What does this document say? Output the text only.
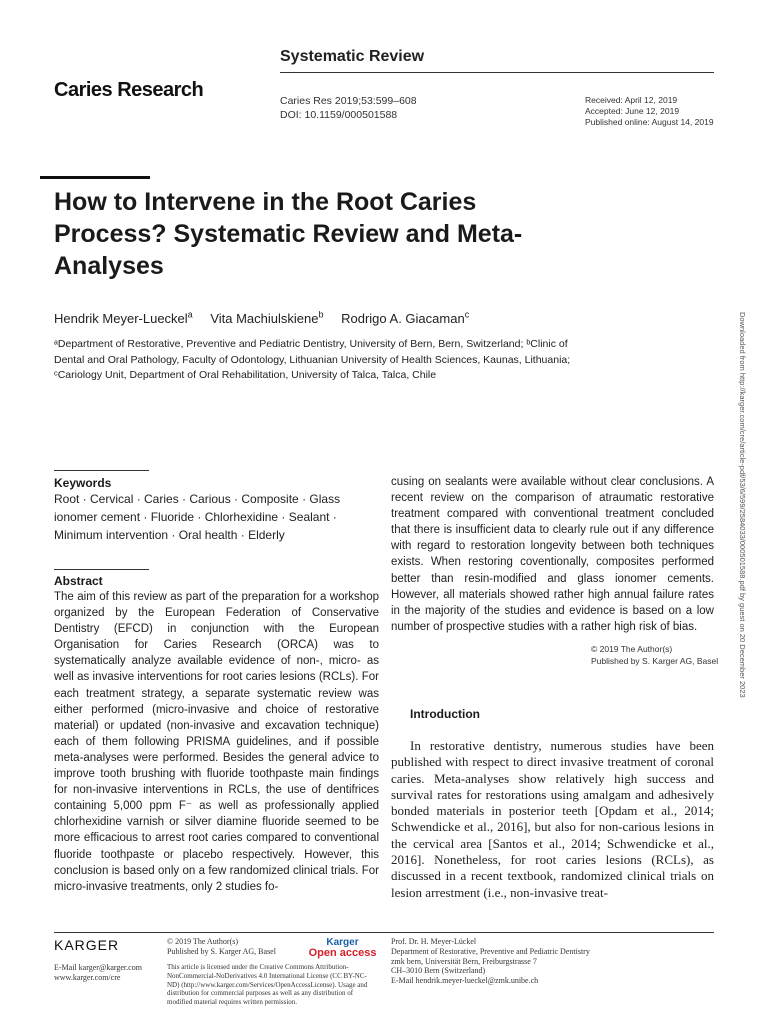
Systematic Review
Caries Research	Caries Res 2019;53:599–608
DOI: 10.1159/000501588
Received: April 12, 2019
Accepted: June 12, 2019
Published online: August 14, 2019
How to Intervene in the Root Caries Process? Systematic Review and Meta-Analyses
Hendrik Meyer-Lueckel$^a$ Vita Machiulskiene$^b$ Rodrigo A. Giacaman$^c$
ᵃDepartment of Restorative, Preventive and Pediatric Dentistry, University of Bern, Bern, Switzerland; ᵇClinic of
Dental and Oral Pathology, Faculty of Odontology, Lithuanian University of Health Sciences, Kaunas, Lithuania;
ᶜCariology Unit, Department of Oral Rehabilitation, University of Talca, Talca, Chile	Downloaded from http://karger.com/cre/article-pdf/53/6/599/2584033/000501588.pdf by guest on 20 December 2023
Keywords
Root · Cervical · Caries · Carious · Composite · Glass ionomer cement · Fluoride · Chlorhexidine · Sealant · Minimum intervention · Oral health · Elderly
Abstract
The aim of this review as part of the preparation for a workshop organized by the European Federation of Conservative Dentistry (EFCD) in conjunction with the European Organisation for Caries Research (ORCA) was to systematically analyze available evidence of non-, micro- as well as invasive interventions for root caries lesions (RCLs). For each treatment strategy, a separate systematic review was either performed (micro-invasive and choice of restorative material) or updated (non-invasive and excavation technique) each of them following PRISMA guidelines, and if possible meta-analyses were performed. Besides the general advice to improve tooth brushing with fluoride toothpaste main findings for non-invasive interventions in RCLs, the use of dentifrices containing 5,000 ppm F⁻ as well as professionally applied chlorhexidine varnish or silver diamine fluoride seemed to be more efficacious to arrest root caries compared to conventional fluoride toothpaste or placebo respectively. However, this conclusion is based only on a few randomized clinical trials. For micro-invasive treatments, only 2 studies fo-
cusing on sealants were available without clear conclusions. A recent review on the comparison of atraumatic restorative treatment compared with conventional treatment concluded that there is insufficient data to clearly rule out if any difference with regard to restoration longevity between both techniques exists. When restoring coventionally, composites performed better than resin-modified and glass ionomer cements. However, all materials showed rather high annual failure rates in the majority of the studies and evidence is based on a low number of prospective studies with a rather high risk of bias.
© 2019 The Author(s)
Published by S. Karger AG, Basel
Introduction

In restorative dentistry, numerous studies have been published with respect to direct invasive treatment of coronal caries. Meta-analyses show relatively high success and survival rates for restorations using amalgam and adhesively bonded materials in posterior teeth [Opdam et al., 2014; Schwendicke et al., 2016], but also for non-carious lesions in the cervical area [Santos et al., 2014; Schwendicke et al., 2016]. Nonetheless, for root caries lesions (RCLs), as discussed in a recent textbook, randomized clinical trials on lesion arrestment (i.e., non-invasive treat-

KARGER
E-Mail karger@karger.com
www.karger.com/cre
© 2019 The Author(s)
Published by S. Karger AG, Basel
Karger
Open access
This article is licensed under the Creative Commons Attribution-NonCommercial-NoDerivatives 4.0 International License (CC BY-NC-ND) (http://www.karger.com/Services/OpenAccessLicense). Usage and distribution for commercial purposes as well as any distribution of modified material requires written permission.
Prof. Dr. H. Meyer-Lückel
Department of Restorative, Preventive and Pediatric Dentistry
zmk bern, Universität Bern, Freiburgstrasse 7
CH–3010 Bern (Switzerland)
E-Mail hendrik.meyer-lueckel@zmk.unibe.ch
